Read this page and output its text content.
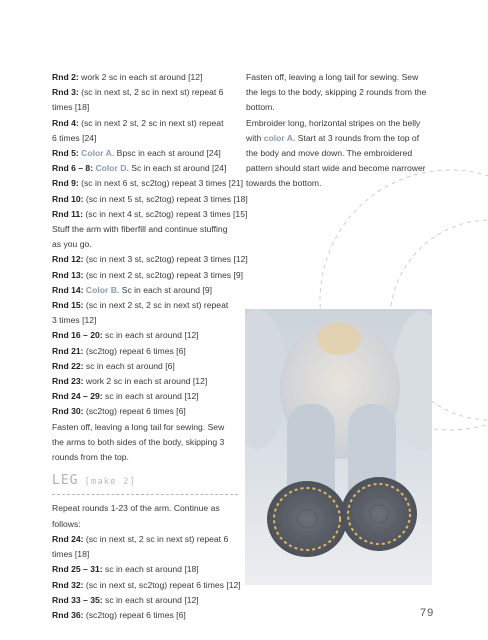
Rnd 2: work 2 sc in each st around [12]
Rnd 3: (sc in next st, 2 sc in next st) repeat 6
times [18]
Rnd 4: (sc in next 2 st, 2 sc in next st) repeat
6 times [24]
Rnd 5: Color A. Bpsc in each st around [24]
Rnd 6 – 8: Color D. Sc in each st around [24]
Rnd 9: (sc in next 6 st, sc2tog) repeat 3 times [21]
Rnd 10: (sc in next 5 st, sc2tog) repeat 3 times [18]
Rnd 11: (sc in next 4 st, sc2tog) repeat 3 times [15]
Stuff the arm with fiberfill and continue stuffing
as you go.
Rnd 12: (sc in next 3 st, sc2tog) repeat 3 times [12]
Rnd 13: (sc in next 2 st, sc2tog) repeat 3 times [9]
Rnd 14: Color B. Sc in each st around [9]
Rnd 15: (sc in next 2 st, 2 sc in next st) repeat
3 times [12]
Rnd 16 – 20: sc in each st around [12]
Rnd 21: (sc2tog) repeat 6 times [6]
Rnd 22: sc in each st around [6]
Rnd 23: work 2 sc in each st around [12]
Rnd 24 – 29: sc in each st around [12]
Rnd 30: (sc2tog) repeat 6 times [6]
Fasten off, leaving a long tail for sewing. Sew
the arms to both sides of the body, skipping 3
rounds from the top.
LEG [make 2]
Repeat rounds 1-23 of the arm. Continue as
follows:
Rnd 24: (sc in next st, 2 sc in next st) repeat 6
times [18]
Rnd 25 – 31: sc in each st around [18]
Rnd 32: (sc in next st, sc2tog) repeat 6 times [12]
Rnd 33 – 35: sc in each st around [12]
Rnd 36: (sc2tog) repeat 6 times [6]
Fasten off, leaving a long tail for sewing. Sew
the legs to the body, skipping 2 rounds from the
bottom.
Embroider long, horizontal stripes on the belly
with color A. Start at 3 rounds from the top of
the body and move down. The embroidered
pattern should start wide and become narrower
towards the bottom.
79
